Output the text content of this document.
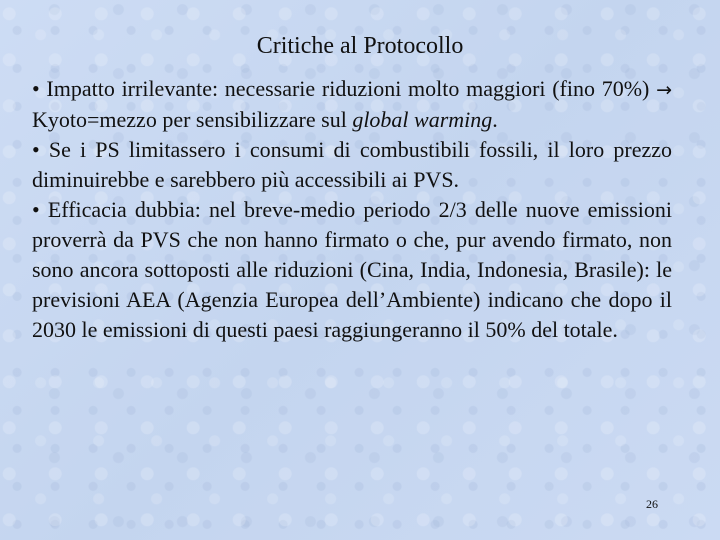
Critiche al Protocollo
• Impatto irrilevante: necessarie riduzioni molto maggiori (fino 70%) → Kyoto=mezzo per sensibilizzare sul global warming.
• Se i PS limitassero i consumi di combustibili fossili, il loro prezzo diminuirebbe e sarebbero più accessibili ai PVS.
• Efficacia dubbia: nel breve-medio periodo 2/3 delle nuove emissioni proverrà da PVS che non hanno firmato o che, pur avendo firmato, non sono ancora sottoposti alle riduzioni (Cina, India, Indonesia, Brasile): le previsioni AEA (Agenzia Europea dell’Ambiente) indicano che dopo il 2030 le emissioni di questi paesi raggiungeranno il 50% del totale.
26
